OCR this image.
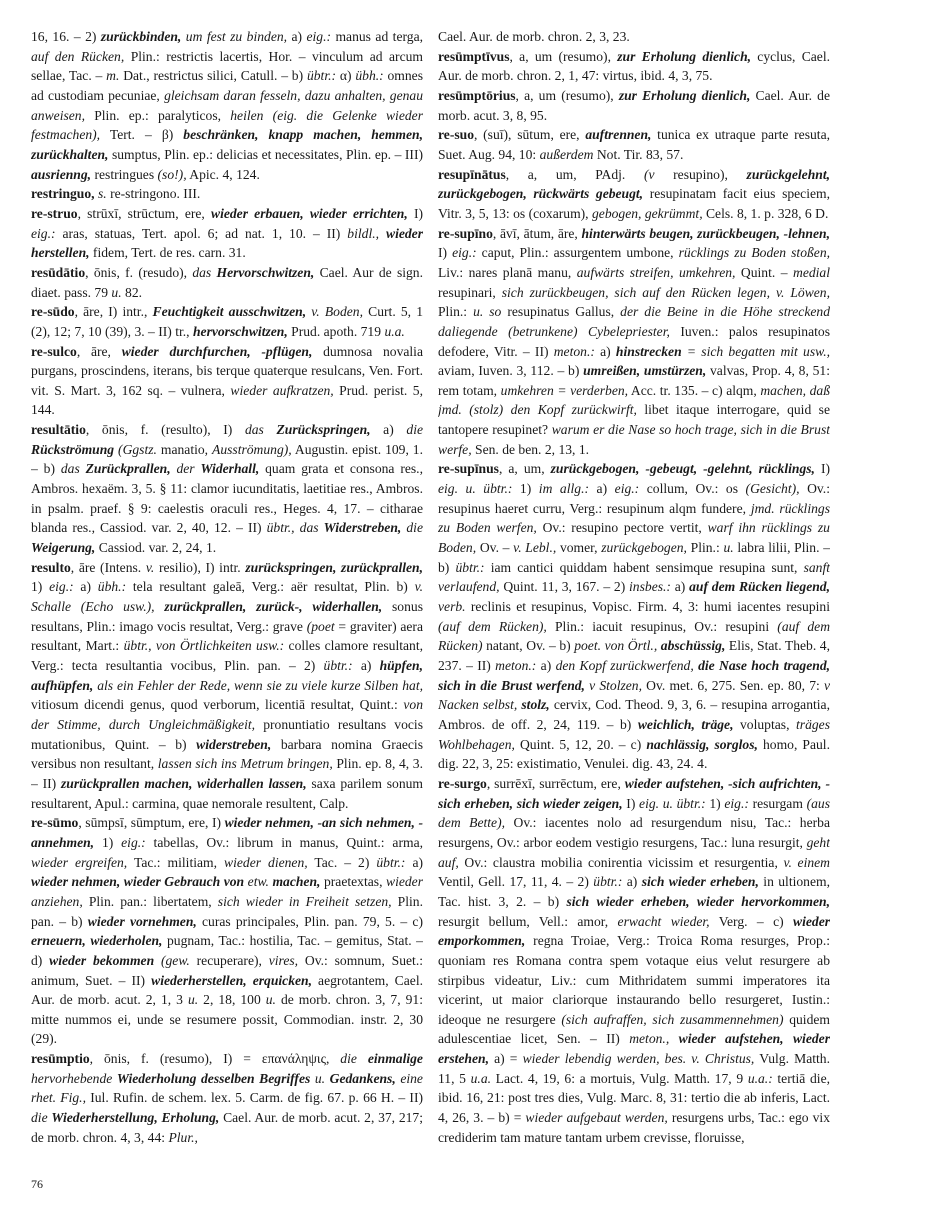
16, 16. – 2) zurückbinden, um fest zu binden, a) eig.: manus ad terga, auf den Rücken, Plin.: restrictis lacertis, Hor. – vinculum ad arcum sellae, Tac. – m. Dat., restrictus silici, Catull. – b) übtr.: α) übh.: omnes ad custodiam pecuniae, gleichsam daran fesseln, dazu anhalten, genau anweisen, Plin. ep.: paralyticos, heilen (eig. die Gelenke wieder festmachen), Tert. – β) beschränken, knapp machen, hemmen, zurückhalten, sumptus, Plin. ep.: delicias et necessitates, Plin. ep. – III) ausrienng, restringues (so!), Apic. 4, 124.

restringuo, s. re-stringono. III.

re-struo, strūxī, strūctum, ere, wieder erbauen, wieder errichten, I) eig.: aras, statuas, Tert. apol. 6; ad nat. 1, 10. – II) bildl., wieder herstellen, fidem, Tert. de res. carn. 31.

resūdātio, ōnis, f. (resudo), das Hervorschwitzen, Cael. Aur de sign. diaet. pass. 79 u. 82.

re-sūdo, āre, I) intr., Feuchtigkeit ausschwitzen, v. Boden, Curt. 5, 1 (2), 12; 7, 10 (39), 3. – II) tr., hervorschwitzen, Prud. apoth. 719 u.a.

re-sulco, āre, wieder durchfurchen, -pflügen, dumnosa novalia purgans, proscindens, iterans, bis terque quaterque resulcans, Ven. Fort. vit. S. Mart. 3, 162 sq. – vulnera, wieder aufkratzen, Prud. perist. 5, 144.

resultātio, ōnis, f. (resulto), I) das Zurückspringen, a) die Rückströmung (Ggstz. manatio, Ausströmung), Augustin. epist. 109, 1. – b) das Zurückprallen, der Widerhall, quam grata et consona res., Ambros. hexaëm. 3, 5. § 11: clamor iucunditatis, laetitiae res., Ambros. in psalm. praef. § 9: caelestis oraculi res., Heges. 4, 17. – citharae blanda res., Cassiod. var. 2, 40, 12. – II) übtr., das Widerstreben, die Weigerung, Cassiod. var. 2, 24, 1.

resulto, āre (Intens. v. resilio), I) intr. zurückspringen, zurückprallen, 1) eig.: a) übh.: tela resultant galeā, Verg.: aër resultat, Plin. b) v. Schalle (Echo usw.), zurückprallen, zurück-, widerhallen, sonus resultans, Plin.: imago vocis resultat, Verg.: grave (poet = graviter) aera resultant, Mart.: übtr., von Örtlichkeiten usw.: colles clamore resultant, Verg.: tecta resultantia vocibus, Plin. pan. – 2) übtr.: a) hüpfen, aufhüpfen, als ein Fehler der Rede, wenn sie zu viele kurze Silben hat, vitiosum dicendi genus, quod verborum, licentiā resultat, Quint.: von der Stimme, durch Ungleichmäßigkeit, pronuntiatio resultans vocis mutationibus, Quint. – b) widerstreben, barbara nomina Graecis versibus non resultant, lassen sich ins Metrum bringen, Plin. ep. 8, 4, 3. – II) zurückprallen machen, widerhallen lassen, saxa parilem sonum resultarent, Apul.: carmina, quae nemorale resultent, Calp.

re-sūmo, sūmpsī, sūmptum, ere, I) wieder nehmen, -an sich nehmen, -annehmen, 1) eig.: tabellas, Ov.: librum in manus, Quint.: arma, wieder ergreifen, Tac.: militiam, wieder dienen, Tac. – 2) übtr.: a) wieder nehmen, wieder Gebrauch von etw. machen, praetextas, wieder anziehen, Plin. pan.: libertatem, sich wieder in Freiheit setzen, Plin. pan. – b) wieder vornehmen, curas principales, Plin. pan. 79, 5. – c) erneuern, wiederholen, pugnam, Tac.: hostilia, Tac. – gemitus, Stat. – d) wieder bekommen (gew. recuperare), vires, Ov.: somnum, Suet.: animum, Suet. – II) wiederherstellen, erquicken, aegrotantem, Cael. Aur. de morb. acut. 2, 1, 3 u. 2, 18, 100 u. de morb. chron. 3, 7, 91: mitte nummos ei, unde se resumere possit, Commodian. instr. 2, 30 (29).

resūmptio, ōnis, f. (resumo), I) = επανάληψις, die einmalige hervorhebende Wiederholung desselben Begriffes u. Gedankens, eine rhet. Fig., Iul. Rufin. de schem. lex. 5. Carm. de fig. 67. p. 66 H. – II) die Wiederherstellung, Erholung, Cael. Aur. de morb. acut. 2, 37, 217; de morb. chron. 4, 3, 44: Plur.,

Cael. Aur. de morb. chron. 2, 3, 23.

resūmptīvus, a, um (resumo), zur Erholung dienlich, cyclus, Cael. Aur. de morb. chron. 2, 1, 47: virtus, ibid. 4, 3, 75.

resūmptōrius, a, um (resumo), zur Erholung dienlich, Cael. Aur. de morb. acut. 3, 8, 95.

re-suo, (suī), sūtum, ere, auftrennen, tunica ex utraque parte resuta, Suet. Aug. 94, 10: außerdem Not. Tir. 83, 57.

resupīnātus, a, um, PAdj. (v resupino), zurückgelehnt, zurückgebogen, rückwärts gebeugt, resupinatam facit eius speciem, Vitr. 3, 5, 13: os (coxarum), gebogen, gekrümmt, Cels. 8, 1. p. 328, 6 D.

re-supīno, āvī, ātum, āre, hinterwärts beugen, zurückbeugen, -lehnen, I) eig.: caput, Plin.: assurgentem umbone, rücklings zu Boden stoßen, Liv.: nares planā manu, aufwärts streifen, umkehren, Quint. – medial resupinari, sich zurückbeugen, sich auf den Rücken legen, v. Löwen, Plin.: u. so resupinatus Gallus, der die Beine in die Höhe streckend daliegende (betrunkene) Cybelepriester, Iuven.: palos resupinatos defodere, Vitr. – II) meton.: a) hinstrecken = sich begatten mit usw., aviam, Iuven. 3, 112. – b) umreißen, umstürzen, valvas, Prop. 4, 8, 51: rem totam, umkehren = verderben, Acc. tr. 135. – c) alqm, machen, daß jmd. (stolz) den Kopf zurückwirft, libet itaque interrogare, quid se tantopere resupinet? warum er die Nase so hoch trage, sich in die Brust werfe, Sen. de ben. 2, 13, 1.

re-supīnus, a, um, zurückgebogen, -gebeugt, -gelehnt, rücklings, I) eig. u. übtr.: 1) im allg.: a) eig.: collum, Ov.: os (Gesicht), Ov.: resupinus haeret curru, Verg.: resupinum alqm fundere, jmd. rücklings zu Boden werfen, Ov.: resupino pectore vertit, warf ihn rücklings zu Boden, Ov. – v. Lebl., vomer, zurückgebogen, Plin.: u. labra lilii, Plin. – b) übtr.: iam cantici quiddam habent sensimque resupina sunt, sanft verlaufend, Quint. 11, 3, 167. – 2) insbes.: a) auf dem Rücken liegend, verb. reclinis et resupinus, Vopisc. Firm. 4, 3: humi iacentes resupini (auf dem Rücken), Plin.: iacuit resupinus, Ov.: resupini (auf dem Rücken) natant, Ov. – b) poet. von Örtl., abschüssig, Elis, Stat. Theb. 4, 237. – II) meton.: a) den Kopf zurückwerfend, die Nase hoch tragend, sich in die Brust werfend, v Stolzen, Ov. met. 6, 275. Sen. ep. 80, 7: v Nacken selbst, stolz, cervix, Cod. Theod. 9, 3, 6. – resupina arrogantia, Ambros. de off. 2, 24, 119. – b) weichlich, träge, voluptas, träges Wohlbehagen, Quint. 5, 12, 20. – c) nachlässig, sorglos, homo, Paul. dig. 22, 3, 25: existimatio, Venulei. dig. 43, 24. 4.

re-surgo, surrēxī, surrēctum, ere, wieder aufstehen, -sich aufrichten, -sich erheben, sich wieder zeigen, I) eig. u. übtr.: 1) eig.: resurgam (aus dem Bette), Ov.: iacentes nolo ad resurgendum nisu, Tac.: herba resurgens, Ov.: arbor eodem vestigio resurgens, Tac.: luna resurgit, geht auf, Ov.: claustra mobilia conirentia vicissim et resurgentia, v. einem Ventil, Gell. 17, 11, 4. – 2) übtr.: a) sich wieder erheben, in ultionem, Tac. hist. 3, 2. – b) sich wieder erheben, wieder hervorkommen, resurgit bellum, Vell.: amor, erwacht wieder, Verg. – c) wieder emporkommen, regna Troiae, Verg.: Troica Roma resurges, Prop.: quoniam res Romana contra spem votaque eius velut resurgere ab stirpibus videatur, Liv.: cum Mithridatem summi imperatores ita vicerint, ut maior clariorque instaurando bello resurgeret, Iustin.: ideoque ne resurgere (sich aufraffen, sich zusammennehmen) quidem adulescentiae licet, Sen. – II) meton., wieder aufstehen, wieder erstehen, a) = wieder lebendig werden, bes. v. Christus, Vulg. Matth. 11, 5 u.a. Lact. 4, 19, 6: a mortuis, Vulg. Matth. 17, 9 u.a.: tertiā die, ibid. 16, 21: post tres dies, Vulg. Marc. 8, 31: tertio die ab inferis, Lact. 4, 26, 3. – b) = wieder aufgebaut werden, resurgens urbs, Tac.: ego vix crediderim tam mature tantam urbem crevisse, floruisse,

76
